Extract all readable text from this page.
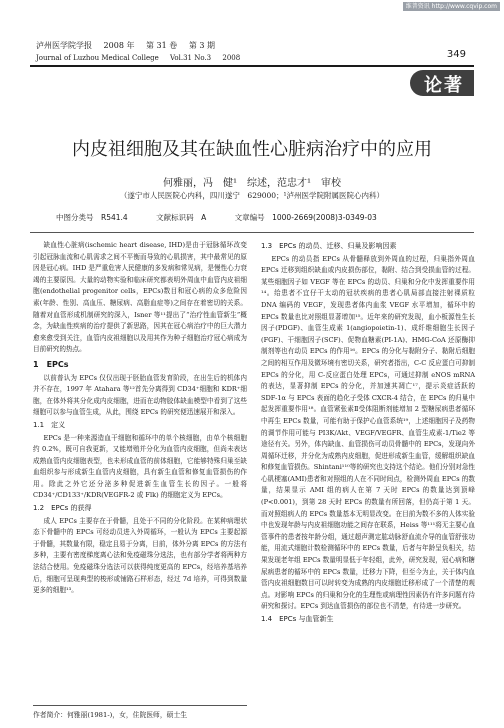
维普资讯 http://www.cqvip.com
泸州医学院学报 2008 年 第 31 卷 第 3 期
Journal of Luzhou Medical College Vol.31 No.3 2008	349
论著
内皮祖细胞及其在缺血性心脏病治疗中的应用
何雅丽，冯　健¹　综述，范忠才¹　审校
（遂宁市人民医院心内科，四川遂宁　629000；¹泸州医学院附属医院心内科）
中图分类号　R541.4	文献标识码　A	文章编号　1000-2669(2008)3-0349-03

缺血性心脏病(ischemic heart disease, IHD)是由于冠脉循环改变引起冠脉血流和心肌需求之间不平衡而导致的心肌损害，其中最常见的原因是冠心病。IHD 是严重危害人民健康的多发病和常见病，是慢性心力衰竭的主要原因。大量的动物实验和临床研究都表明外周血中血管内皮祖细胞(endothelial progenitor cells，EPCs)数目和冠心病的众多危险因素(年龄、性别、高血压、糖尿病、高脂血症等)之间存在着密切的关系。随着对血管形成机制研究的深入，Isner 等¹¹提出了“治疗性血管新生”概念，为缺血性疾病的治疗提供了新思路，因其在冠心病治疗中的巨大潜力愈来愈受到关注，血管内皮祖细胞以及用其作为种子细胞治疗冠心病成为目前研究的热点。

1　EPCs

以前普认为 EPCs 仅仅出现于胚胎血管发育阶段，在出生后的机体内并不存在，1997 年 Atahara 等¹²首先分离得到 CD34⁺细胞和 KDR⁺细胞，在体外将其分化成内皮细胞，进而在动物胶体缺血模型中看到了这些细胞可以参与血管生成，从此，围绕 EPCs 的研究便迅速展开和深入。

1.1　定义

EPCs 是一种来源造血干细胞和循环中的单个核细胞，由单个核细胞约 0.2%，既可自我更新，又能增殖并分化为血管内皮细胞，但尚未表达成熟血管内皮细胞表型，也未形成血管的前体细胞，它能够特殊归巢至缺血组织参与形成新生血管内皮细胞，具有新生血管和修复血管损伤的作用。除此之外它还分泌多种促进新生血管生长的因子。一般将 CD34⁺/CD133⁺/KDR(VEGFR-2 或 Flk) 的细胞定义为 EPCs。

1.2　EPCs 的获得

成人 EPCs 主要存在于骨髓，且处于不同的分化阶段。在某种病理状态下骨髓中的 EPCs 可经动员进入外周循环，一般认为 EPCs 主要起源于骨髓，其数量有限，稳定且易于分离，目前，体外分离 EPCs 的方法有多种，主要有密度梯度离心法和免疫磁珠分选法，也有部分学者将两种方法结合使用。免疫磁珠分选法可以获得纯度更高的 EPCs，经培养基培养后，细胞可呈现典型的梭形或铺路石样形态，经过 7d 培养，可得到数量更多的细胞¹³。

作者简介：何雅丽(1981-)，女，住院医师，硕士生
1.3　EPCs 的动员、迁移、归巢及影响因素

EPCs 的动员指 EPCs 从骨髓释放到外周血的过程，归巢指外周血 EPCs 迁移到组织缺血或内皮损伤部位，黏附、结合到受损血管的过程。某些细胞因子如 VEGF 等在 EPCs 的动员、归巢和分化中发挥重要作用¹⁴。给患者不宜仔干太动的冠状疾病的患者心肌局部直接注射裸质粒 DNA 编码的 VEGF，发现患者体内血浆 VEGF 水平增加，循环中的 EPCs 数量也比对照组显著增加¹⁵。近年来的研究发现，血小板源性生长因子(PDGF)、血管生成素 1(angiopoietin-1)、成纤维细胞生长因子(FGF)、干细胞因子(SCF)、促物血糖素(PI-1A)、HMG-CoA 还原酶抑制剂等也有动员 EPCs 的作用¹⁶。EPCs 的分化与黏附分子、黏附后细胞之间的相互作用及微环境有密切关系，研究者指出，C-C 反应蛋白可抑制 EPCs 的分化，用 C-反应蛋白处理 EPCs，可通过抑制 eNOS mRNA 的表达，显著抑制 EPCs 的分化，并加速其凋亡¹⁷，提示炎症活跃的 SDF-1α 与 EPCs 表面的趋化子受体 CXCR-4 结合，在 EPCs 的归巢中起发挥重要作用¹⁸。血管紧张素Ⅱ受体阻断剂能增加 2 型糖尿病患者循环中再生 EPCs 数量，可能有助于保护心血管系统¹⁹，上述细胞因子及药物的调节作用可能与 PI3K/Akt、VEGF/VEGFR、血管生成素-1/Tie2 等途径有关。另外，体内缺血、血管损伤可动员骨髓中的 EPCs，发现向外周循环迁移，并分化为成熟内皮细胞，促进形成新生血管，缓解组织缺血和修复血管损伤。Shintani¹¹⁰等的研究也支持这个结论。他们分别对急性心肌梗塞(AMI)患者和对照组的人在不同时间点，检测外周血 EPCs 的数量，结果显示 AMI 组的病人在第 7 天时 EPCs 的数量达到顶峰(P<0.001)，到第 28 天时 EPCs 的数量有所回落，但仍高于第 1 天。而对照组病人的 EPCs 数量基本无明显改变。在目前为数不多的人体实验中也发现年龄与内皮祖细胞功能之间存在联系，Heiss 等¹¹¹将无主要心血管事件的患者按年龄分组，通过超声测定肱动脉舒血流介导的血管舒张功能，用流式细胞计数检测循环中的 EPCs 数量，后者与年龄呈负相关，结果发现老年组 EPCs 数量明显低于年轻组，此外，研究发现，冠心病和糖尿病患者的循环中的 EPCs 数量，迁移力下降，但至今为止，关于体内血管内皮祖细胞数目可以时转变为成熟的内皮细胞迁移形成了一个清楚的观点。对影响 EPCs 的归巢和分化的生理性或病理性因素仍有许多问题有待研究和探讨。EPCs 到达血管损伤的部位也不清楚，有待进一步研究。

1.4　EPCs 与血管新生
